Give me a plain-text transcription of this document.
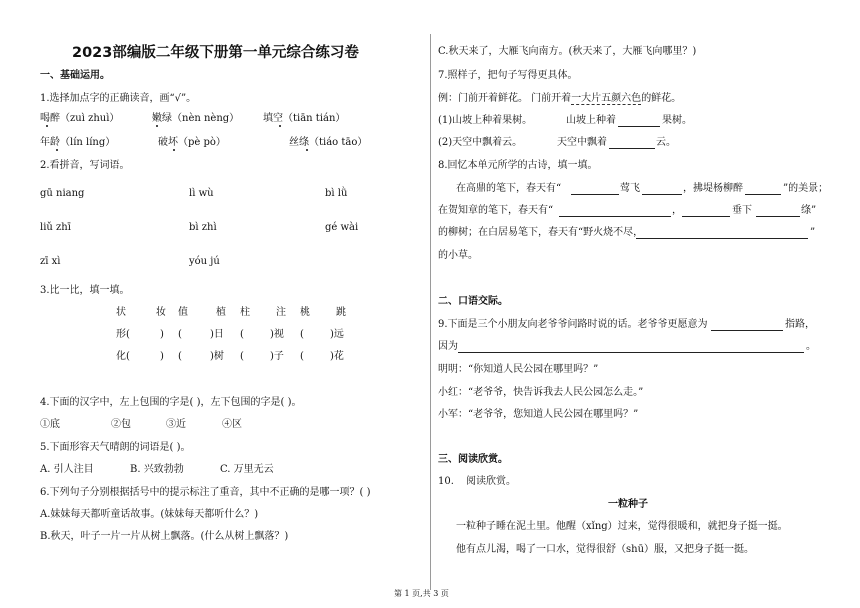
2023部编版二年级下册第一单元综合练习卷
一、基础运用。
1.选择加点字的正确读音，画“√”。
喝醉（zuì zhuì）	嫩绿（nèn nèng） 填空（tiān tián）
年龄（lín líng）	破坏（pè pò）	丝绦（tiáo tāo）
2.看拼音，写词语。
gū niang	lì wù	bì lǜ
liǔ zhī	bì zhì	gé wài
zī xì	yóu jú
3.比一比，填一填。
状	妆 值	植 柱	注 桃	跳
形(	) (	)日 (	)视 (	)远
化(	) (	)树 (	)子 (	)花
4.下面的汉字中，左上包围的字是( )，左下包围的字是( )。
①底	②包	③近	④区
5.下面形容天气晴朗的词语是( )。
A. 引人注目	B. 兴致勃勃	C. 万里无云
6.下列句子分别根据括号中的提示标注了重音，其中不正确的是哪一项？( )
A.妹妹每天都听童话故事。(妹妹每天都听什么？)
B.秋天，叶子一片一片从树上飘落。(什么从树上飘落？)
C.秋天来了，大雁飞向南方。(秋天来了，大雁飞向哪里？)
7.照样子，把句子写得更具体。
例：门前开着鲜花。 门前开着一大片五颜六色的鲜花。
(1)山坡上种着果树。	山坡上种着	果树。
(2)天空中飘着云。	天空中飘着	云。
8.回忆本单元所学的古诗，填一填。
在高鼎的笔下，春天有“	莺飞	，拂堤杨柳醉	”的美景；
在贺知章的笔下，春天有“	，	垂下	绦”
的柳树；在白居易笔下，春天有“野火烧不尽，	”
的小草。
二、口语交际。
9.下面是三个小朋友向老爷爷问路时说的话。老爷爷更愿意为	指路，
因为	。
明明：“你知道人民公园在哪里吗？”
小红：“老爷爷，快告诉我去人民公园怎么走。”
小军：“老爷爷，您知道人民公园在哪里吗？”
三、阅读欣赏。
10. 阅读欣赏。
一粒种子
一粒种子睡在泥土里。他醒（xǐng）过来，觉得很暖和，就把身子挺一挺。
他有点儿渴，喝了一口水，觉得很舒（shū）服，又把身子挺一挺。
第 1 页,共 3 页
